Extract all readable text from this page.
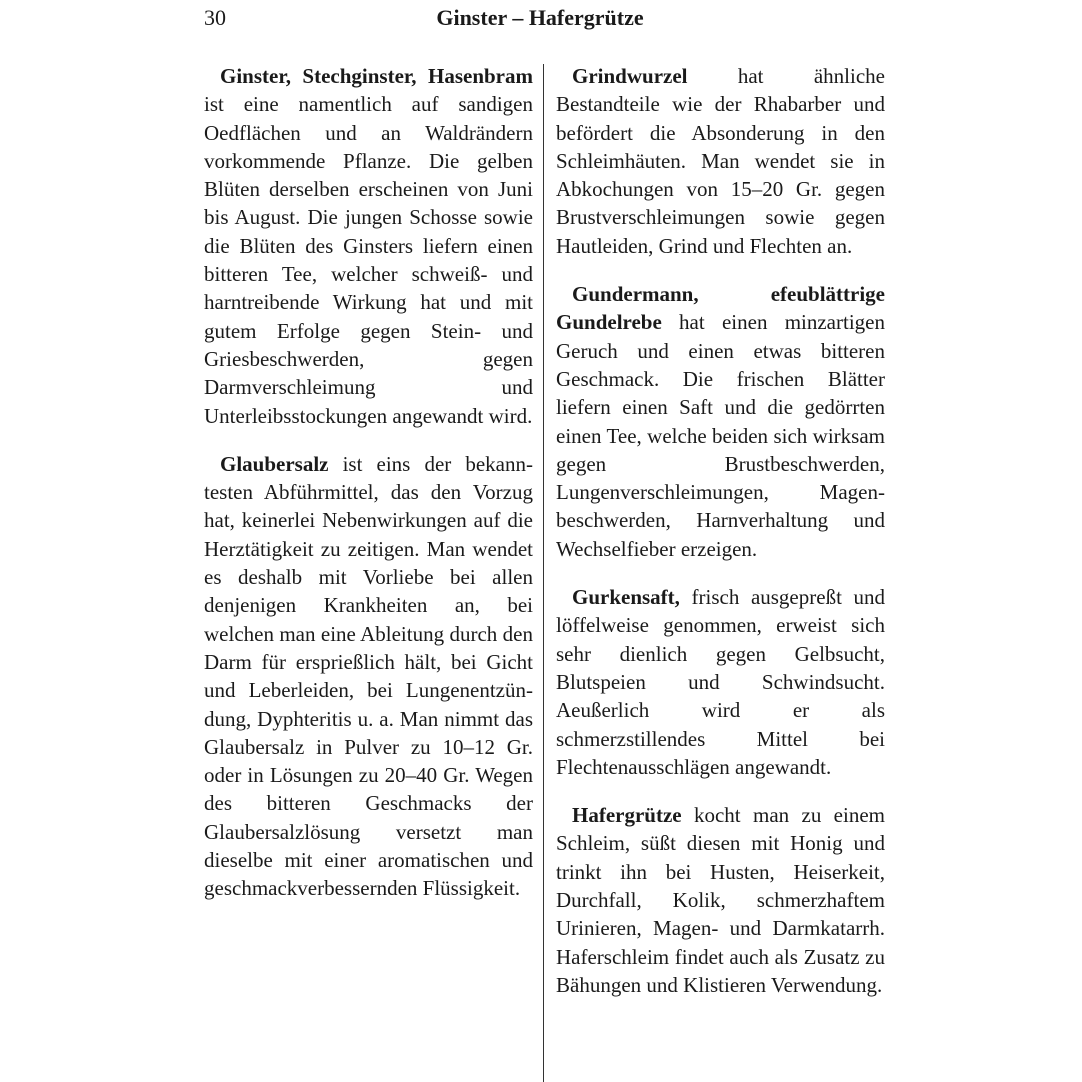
30	Ginster – Hafergrütze

Ginster, Stechginster, Hasenbram ist eine namentlich auf sandigen Oedflächen und an Waldrändern vorkommende Pflanze. Die gelben Blüten derselben erscheinen von Juni bis August. Die jungen Schosse sowie die Blüten des Ginsters liefern einen bitteren Tee, welcher schweiß- und harntreibende Wirkung hat und mit gutem Erfolge gegen Stein- und Griesbeschwerden, gegen Darmverschleimung und Unterleibsstockungen angewandt wird.

Glaubersalz ist eins der bekanntesten Abführmittel, das den Vorzug hat, keinerlei Nebenwirkungen auf die Herztätigkeit zu zeitigen. Man wendet es deshalb mit Vorliebe bei allen denjenigen Krankheiten an, bei welchen man eine Ableitung durch den Darm für ersprießlich hält, bei Gicht und Leberleiden, bei Lungenentzündung, Dyphteritis u. a. Man nimmt das Glaubersalz in Pulver zu 10–12 Gr. oder in Lösungen zu 20–40 Gr. Wegen des bitteren Geschmacks der Glaubersalzlösung versetzt man dieselbe mit einer aromatischen und geschmackverbessernden Flüssigkeit.

Grindwurzel hat ähnliche Bestandteile wie der Rhabarber und befördert die Absonderung in den Schleimhäuten. Man wendet sie in Abkochungen von 15–20 Gr. gegen Brustverschleimungen sowie gegen Hautleiden, Grind und Flechten an.

Gundermann, efeublättrige Gundelrebe hat einen minzartigen Geruch und einen etwas bitteren Geschmack. Die frischen Blätter liefern einen Saft und die gedörrten einen Tee, welche beiden sich wirksam gegen Brustbeschwerden, Lungenverschleimungen, Magenbeschwerden, Harnverhaltung und Wechselfieber erzeigen.

Gurkensaft, frisch ausgepreßt und löffelweise genommen, erweist sich sehr dienlich gegen Gelbsucht, Blutspeien und Schwindsucht. Aeußerlich wird er als schmerzstillendes Mittel bei Flechtenausschlägen angewandt.

Hafergrütze kocht man zu einem Schleim, süßt diesen mit Honig und trinkt ihn bei Husten, Heiserkeit, Durchfall, Kolik, schmerzhaftem Urinieren, Magen- und Darmkatarrh. Haferschleim findet auch als Zusatz zu Bähungen und Klistieren Verwendung.
